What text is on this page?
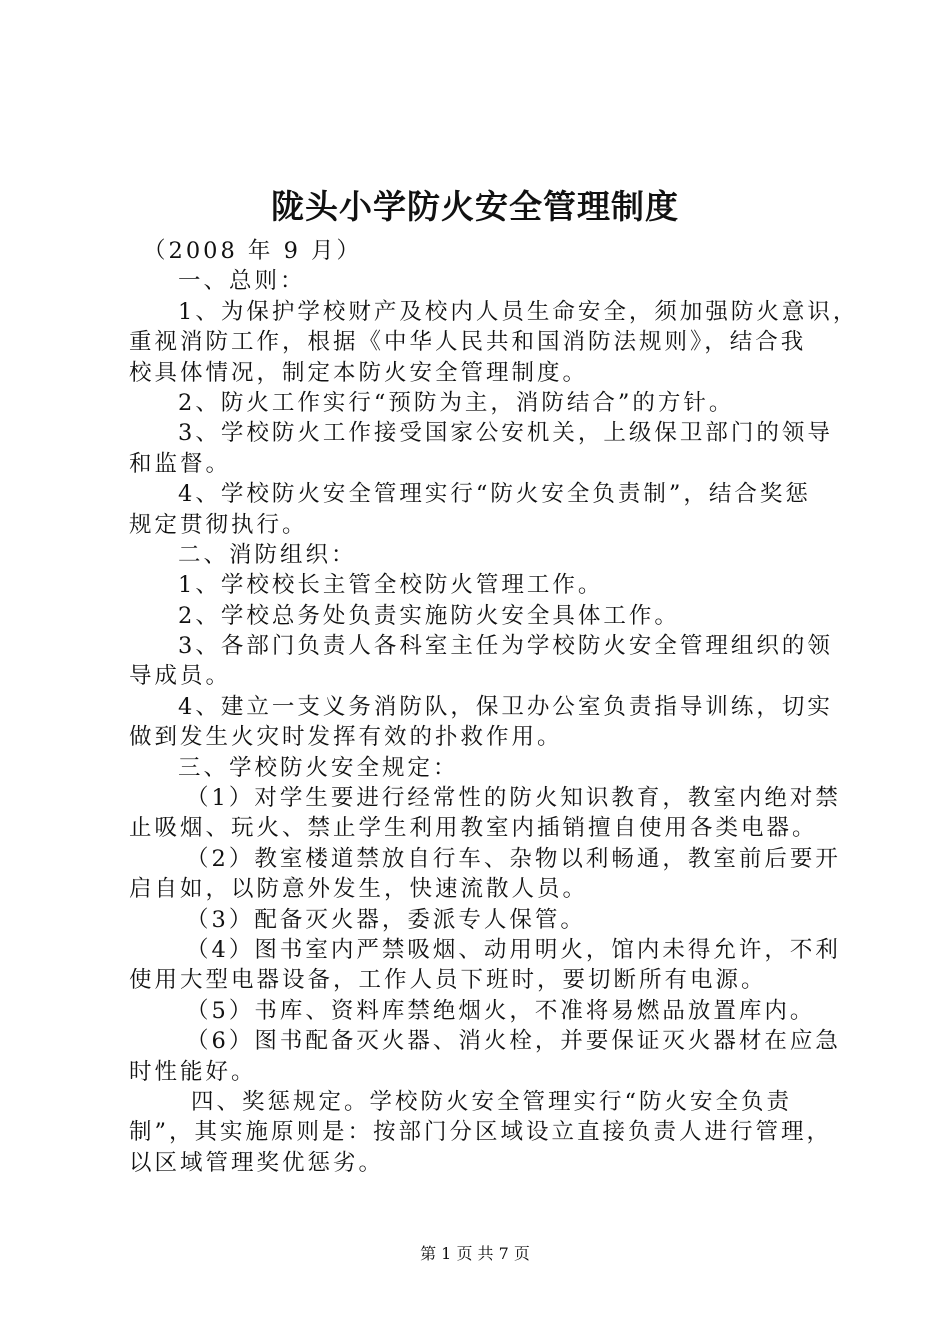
陇头小学防火安全管理制度
（2008 年 9 月）
一、总则：
1、为保护学校财产及校内人员生命安全，须加强防火意识，
重视消防工作，根据《中华人民共和国消防法规则》，结合我
校具体情况，制定本防火安全管理制度。
2、防火工作实行“预防为主，消防结合”的方针。
3、学校防火工作接受国家公安机关，上级保卫部门的领导
和监督。
4、学校防火安全管理实行“防火安全负责制”，结合奖惩
规定贯彻执行。
二、消防组织：
1、学校校长主管全校防火管理工作。
2、学校总务处负责实施防火安全具体工作。
3、各部门负责人各科室主任为学校防火安全管理组织的领
导成员。
4、建立一支义务消防队，保卫办公室负责指导训练，切实
做到发生火灾时发挥有效的扑救作用。
三、学校防火安全规定：
（1）对学生要进行经常性的防火知识教育，教室内绝对禁
止吸烟、玩火、禁止学生利用教室内插销擅自使用各类电器。
（2）教室楼道禁放自行车、杂物以利畅通，教室前后要开
启自如，以防意外发生，快速流散人员。
（3）配备灭火器，委派专人保管。
（4）图书室内严禁吸烟、动用明火，馆内未得允许，不利
使用大型电器设备，工作人员下班时，要切断所有电源。
（5）书库、资料库禁绝烟火，不准将易燃品放置库内。
（6）图书配备灭火器、消火栓，并要保证灭火器材在应急
时性能好。
四、奖惩规定。学校防火安全管理实行“防火安全负责
制”，其实施原则是：按部门分区域设立直接负责人进行管理，
以区域管理奖优惩劣。
第 1 页 共 7 页
